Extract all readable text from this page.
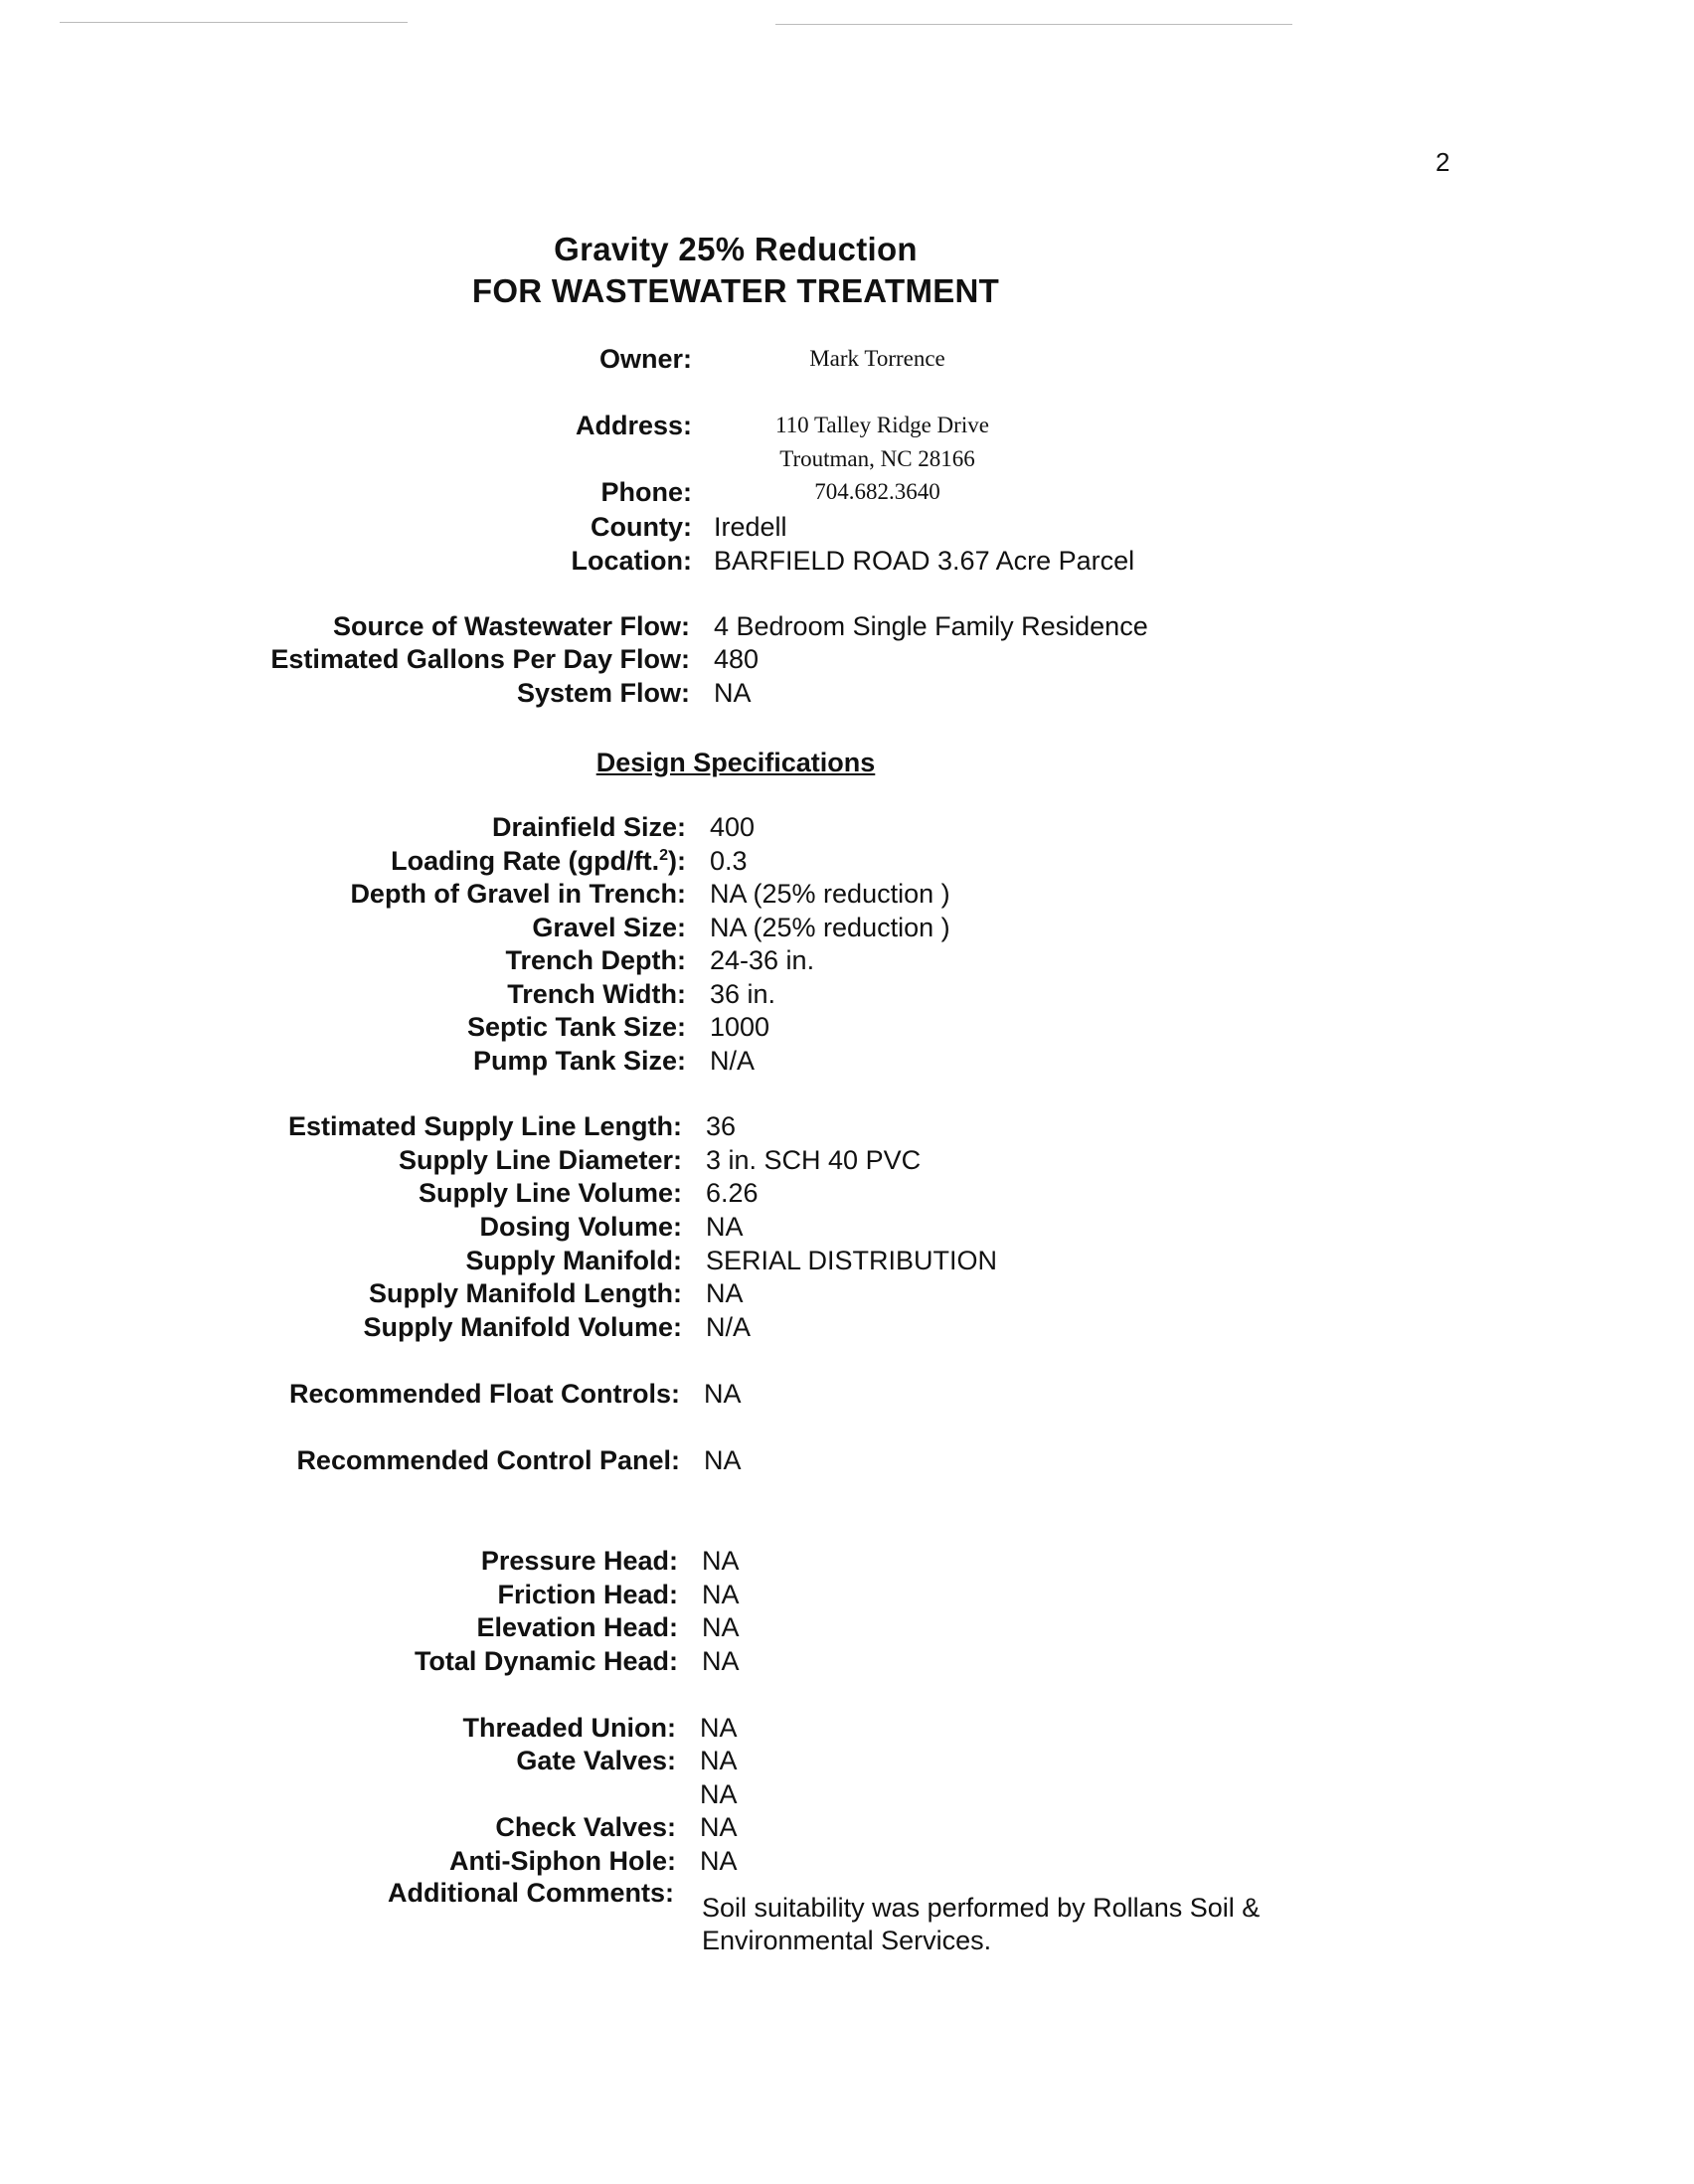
2
Gravity 25% Reduction
FOR WASTEWATER TREATMENT
Owner:	Mark Torrence
Address:	110 Talley Ridge Drive
Troutman, NC 28166
Phone:	704.682.3640
County: Iredell
Location: BARFIELD ROAD 3.67 Acre Parcel
Source of Wastewater Flow: 4 Bedroom Single Family Residence
Estimated Gallons Per Day Flow: 480
System Flow: NA
Design Specifications
Drainfield Size: 400
Loading Rate (gpd/ft.$^2$): 0.3
Depth of Gravel in Trench: NA (25% reduction )
Gravel Size: NA (25% reduction )
Trench Depth: 24-36 in.
Trench Width: 36 in.
Septic Tank Size: 1000
Pump Tank Size: N/A
Estimated Supply Line Length: 36
Supply Line Diameter: 3 in. SCH 40 PVC
Supply Line Volume: 6.26
Dosing Volume: NA
Supply Manifold: SERIAL DISTRIBUTION
Supply Manifold Length: NA
Supply Manifold Volume: N/A
Recommended Float Controls: NA
Recommended Control Panel: NA
Pressure Head: NA
Friction Head: NA
Elevation Head: NA
Total Dynamic Head: NA
Threaded Union: NA
Gate Valves: NA
NA
Check Valves: NA
Anti-Siphon Hole: NA
Additional Comments: Soil suitability was performed by Rollans Soil &
Environmental Services.
